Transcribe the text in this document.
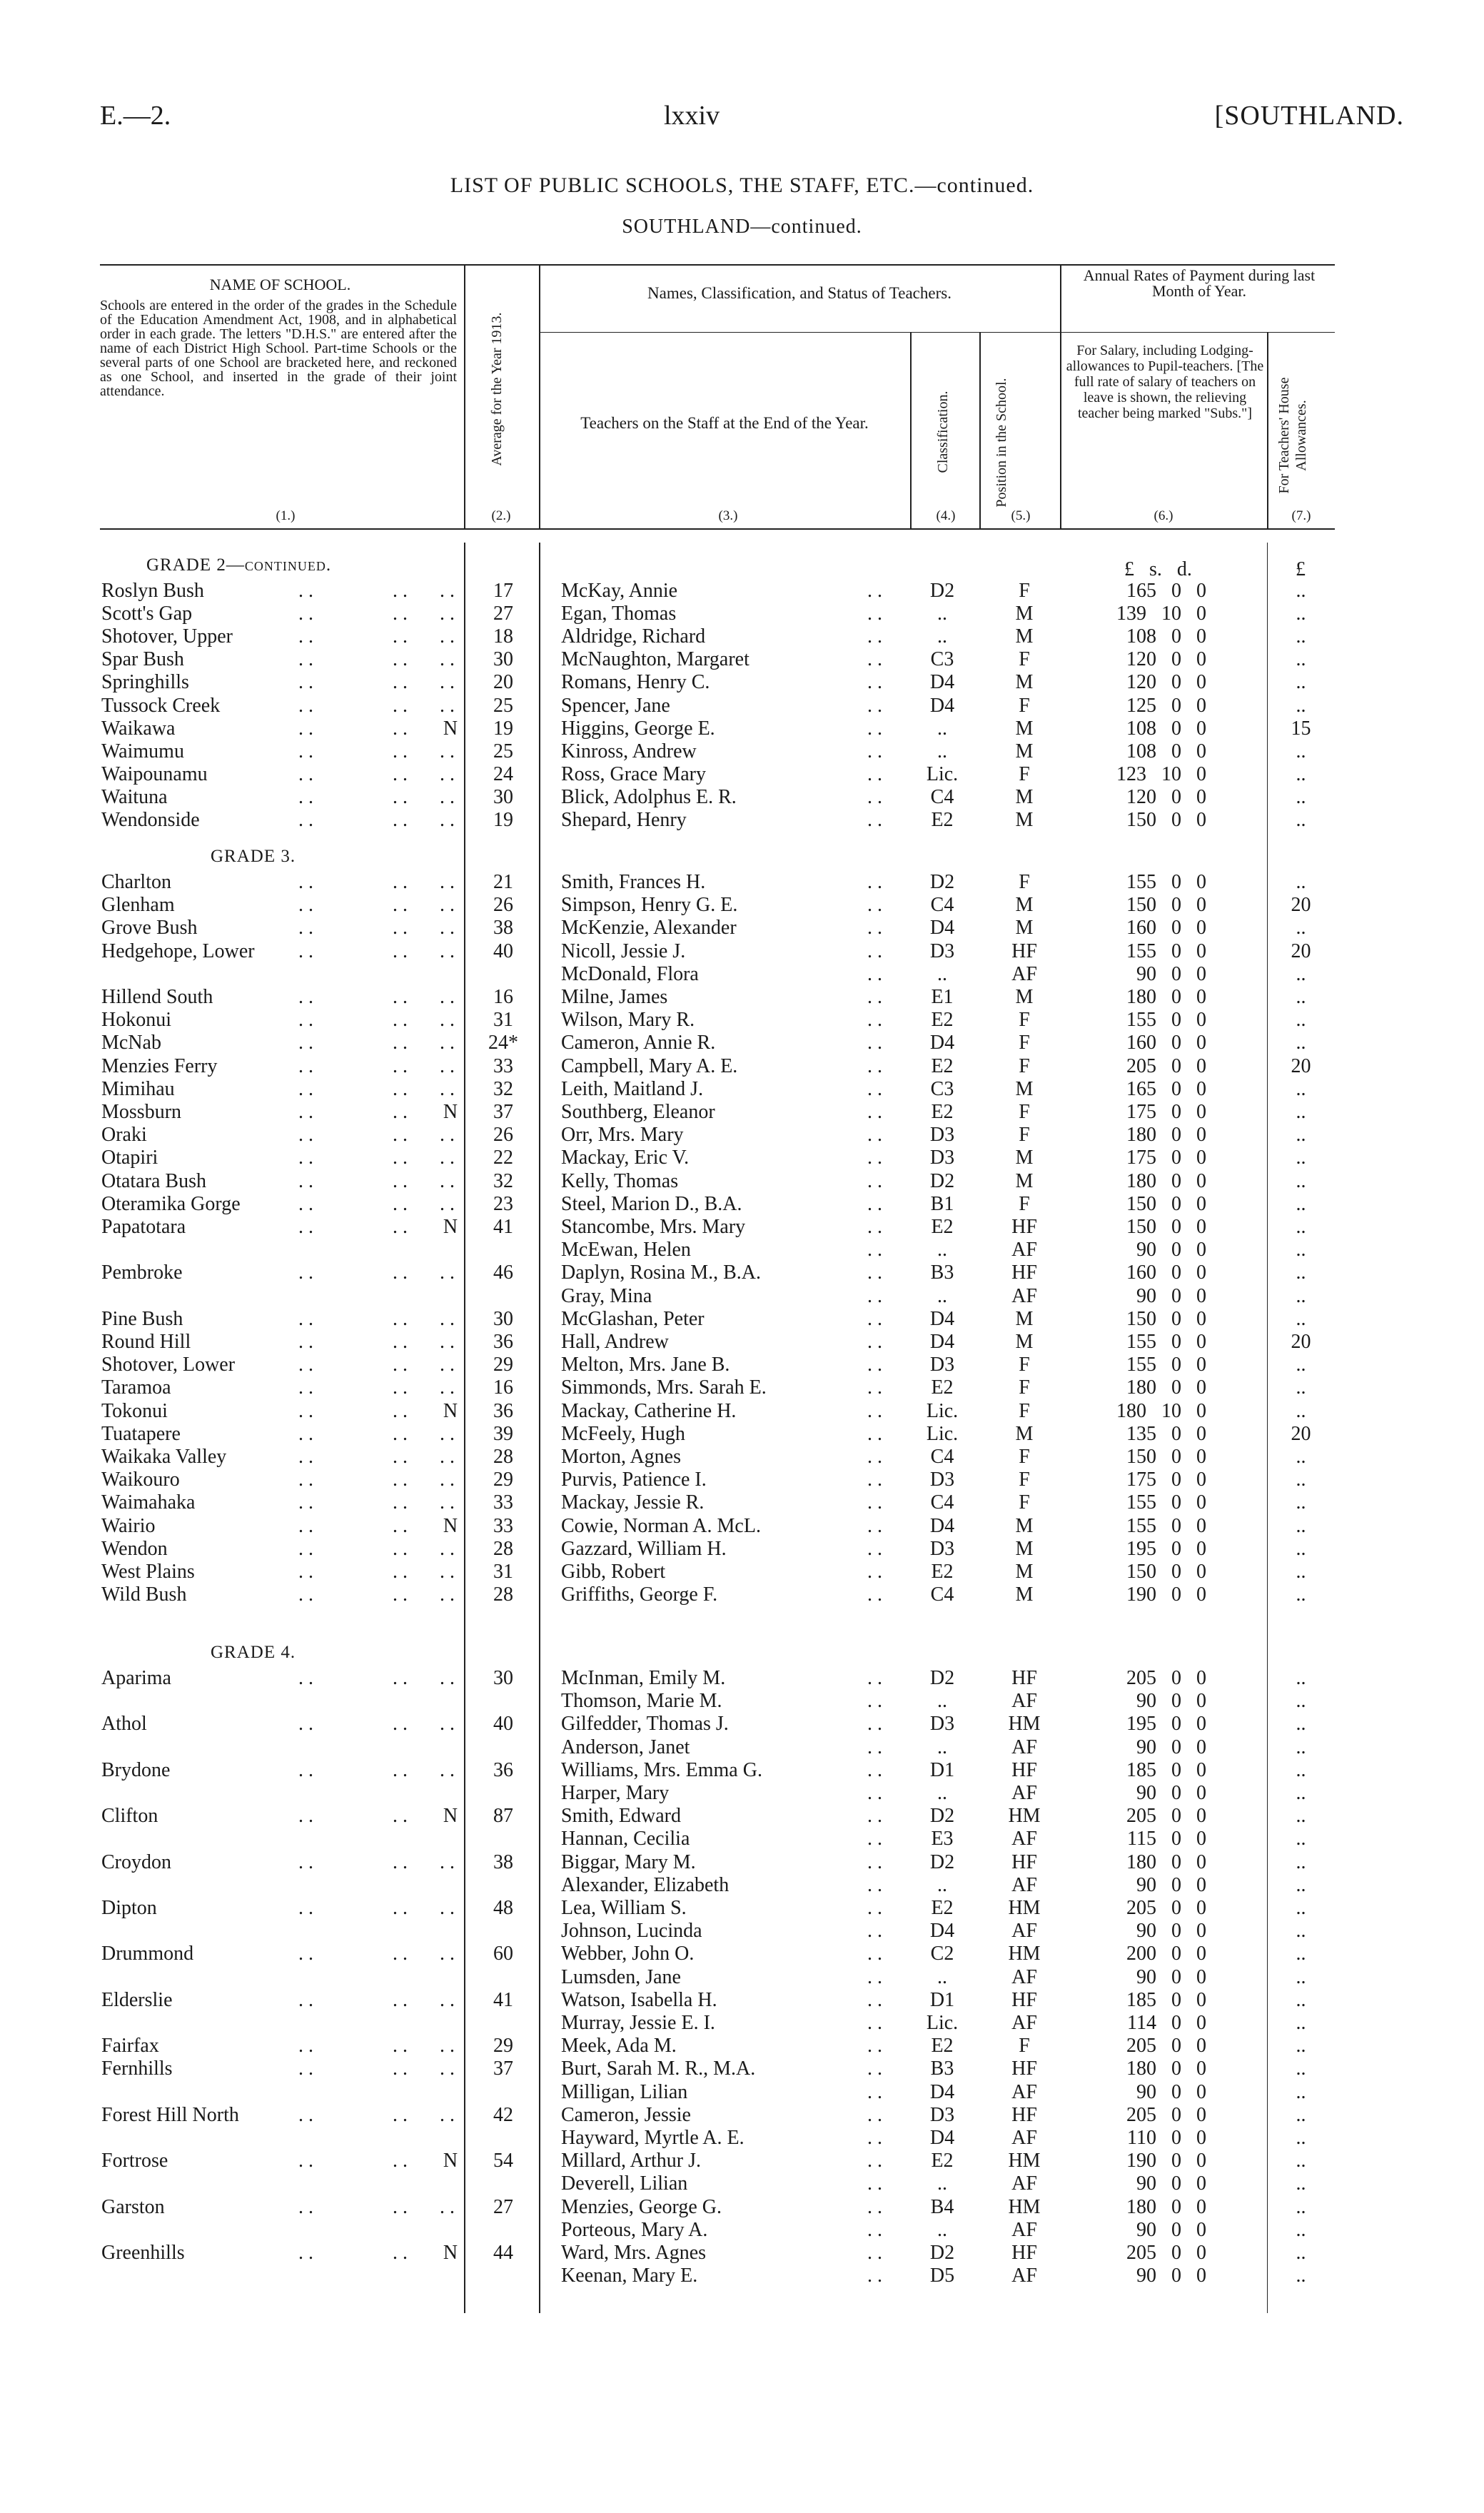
E.—2.	lxxiv	[SOUTHLAND.
LIST OF PUBLIC SCHOOLS, THE STAFF, ETC.—continued.
SOUTHLAND—continued.
NAME OF SCHOOL.
Schools are entered in the order of the grades in the Schedule of the Education Amendment Act, 1908, and in alphabetical order in each grade. The letters "D.H.S." are entered after the name of each District High School. Part-time Schools or the several parts of one School are bracketed here, and reckoned as one School, and inserted in the grade of their joint attendance.	Average for the Year 1913.
Names, Classification, and Status of Teachers.
Teachers on the Staff at the End of the Year.	Classification.	Position in the School.
Annual Rates of Payment during last Month of Year.
For Salary, including Lodging-allowances to Pupil-teachers. [The full rate of salary of teachers on leave is shown, the relieving teacher being marked "Subs."]	For Teachers' House Allowances.
(1.)	(2.)	(3.)	(4.)	(5.)	(6.)	(7.)
£ s. d.	£
GRADE 2—continued.
Roslyn Bush	17	McKay, Annie	D2	F	165 0 0	..
. .	. . . .	. .
Scott's Gap	27	Egan, Thomas	..	M	139 10 0	..
. .	. . . .	. .
Shotover, Upper	18	Aldridge, Richard	..	M	108 0 0	..
. .	. . . .	. .
Spar Bush	30	McNaughton, Margaret	C3	F	120 0 0	..
. .	. . . .	. .
Springhills	20	Romans, Henry C.	D4	M	120 0 0	..
. .	. . . .	. .
Tussock Creek	25	Spencer, Jane	D4	F	125 0 0	..
. .	. . . .	. .
Waikawa	N	19	Higgins, George E.	..	M	108 0 0	15
. .	. .	. .
Waimumu	25	Kinross, Andrew	..	M	108 0 0	..
. .	. . . .	. .
Waipounamu	24	Ross, Grace Mary	Lic.	F	123 10 0	..
. .	. . . .	. .
Waituna	30	Blick, Adolphus E. R.	C4	M	120 0 0	..
. .	. . . .	. .
Wendonside	19	Shepard, Henry	E2	M	150 0 0	..
. .	. . . .	. .
GRADE 3.
Charlton	21	Smith, Frances H.	D2	F	155 0 0	..
. .	. . . .	. .
Glenham	26	Simpson, Henry G. E.	C4	M	150 0 0	20
. .	. . . .	. .
Grove Bush	38	McKenzie, Alexander	D4	M	160 0 0	..
. .	. . . .	. .
Hedgehope, Lower	40	Nicoll, Jessie J.	D3	HF	155 0 0	20
. .	. . . .	. .
McDonald, Flora	..	AF	90 0 0	..
. .
Hillend South	16	Milne, James	E1	M	180 0 0	..
. .	. . . .	. .
Hokonui	31	Wilson, Mary R.	E2	F	155 0 0	..
. .	. . . .	. .
McNab	24*	Cameron, Annie R.	D4	F	160 0 0	..
. .	. . . .	. .
Menzies Ferry	33	Campbell, Mary A. E.	E2	F	205 0 0	20
. .	. . . .	. .
Mimihau	32	Leith, Maitland J.	C3	M	165 0 0	..
. .	. . . .	. .
Mossburn	N	37	Southberg, Eleanor	E2	F	175 0 0	..
. .	. .	. .
Oraki	26	Orr, Mrs. Mary	D3	F	180 0 0	..
. .	. . . .	. .
Otapiri	22	Mackay, Eric V.	D3	M	175 0 0	..
. .	. . . .	. .
Otatara Bush	32	Kelly, Thomas	D2	M	180 0 0	..
. .	. . . .	. .
Oteramika Gorge	23	Steel, Marion D., B.A.	B1	F	150 0 0	..
. .	. . . .	. .
Papatotara	N	41	Stancombe, Mrs. Mary	E2	HF	150 0 0	..
. .	. .	. .
McEwan, Helen	..	AF	90 0 0	..
. .
Pembroke	46	Daplyn, Rosina M., B.A.	B3	HF	160 0 0	..
. .	. . . .	. .
Gray, Mina	..	AF	90 0 0	..
. .
Pine Bush	30	McGlashan, Peter	D4	M	150 0 0	..
. .	. . . .	. .
Round Hill	36	Hall, Andrew	D4	M	155 0 0	20
. .	. . . .	. .
Shotover, Lower	29	Melton, Mrs. Jane B.	D3	F	155 0 0	..
. .	. . . .	. .
Taramoa	16	Simmonds, Mrs. Sarah E.	E2	F	180 0 0	..
. .	. . . .	. .
Tokonui	N	36	Mackay, Catherine H.	Lic.	F	180 10 0	..
. .	. .	. .
Tuatapere	39	McFeely, Hugh	Lic.	M	135 0 0	20
. .	. . . .	. .
Waikaka Valley	28	Morton, Agnes	C4	F	150 0 0	..
. .	. . . .	. .
Waikouro	29	Purvis, Patience I.	D3	F	175 0 0	..
. .	. . . .	. .
Waimahaka	33	Mackay, Jessie R.	C4	F	155 0 0	..
. .	. . . .	. .
Wairio	N	33	Cowie, Norman A. McL.	D4	M	155 0 0	..
. .	. .	. .
Wendon	28	Gazzard, William H.	D3	M	195 0 0	..
. .	. . . .	. .
West Plains	31	Gibb, Robert	E2	M	150 0 0	..
. .	. . . .	. .
Wild Bush	28	Griffiths, George F.	C4	M	190 0 0	..
. .	. . . .	. .
GRADE 4.
Aparima	30	McInman, Emily M.	D2	HF	205 0 0	..
. .	. . . .	. .
Thomson, Marie M.	..	AF	90 0 0	..
. .
Athol	40	Gilfedder, Thomas J.	D3	HM	195 0 0	..
. .	. . . .	. .
Anderson, Janet	..	AF	90 0 0	..
. .
Brydone	36	Williams, Mrs. Emma G.	D1	HF	185 0 0	..
. .	. . . .	. .
Harper, Mary	..	AF	90 0 0	..
. .
Clifton	N	87	Smith, Edward	D2	HM	205 0 0	..
. .	. .	. .
Hannan, Cecilia	E3	AF	115 0 0	..
. .
Croydon	38	Biggar, Mary M.	D2	HF	180 0 0	..
. .	. . . .	. .
Alexander, Elizabeth	..	AF	90 0 0	..
. .
Dipton	48	Lea, William S.	E2	HM	205 0 0	..
. .	. . . .	. .
Johnson, Lucinda	D4	AF	90 0 0	..
. .
Drummond	60	Webber, John O.	C2	HM	200 0 0	..
. .	. . . .	. .
Lumsden, Jane	..	AF	90 0 0	..
. .
Elderslie	41	Watson, Isabella H.	D1	HF	185 0 0	..
. .	. . . .	. .
Murray, Jessie E. I.	Lic.	AF	114 0 0	..
. .
Fairfax	29	Meek, Ada M.	E2	F	205 0 0	..
. .	. . . .	. .
Fernhills	37	Burt, Sarah M. R., M.A.	B3	HF	180 0 0	..
. .	. . . .	. .
Milligan, Lilian	D4	AF	90 0 0	..
. .
Forest Hill North	42	Cameron, Jessie	D3	HF	205 0 0	..
. .	. . . .	. .
Hayward, Myrtle A. E.	D4	AF	110 0 0	..
. .
Fortrose	N	54	Millard, Arthur J.	E2	HM	190 0 0	..
. .	. .	. .
Deverell, Lilian	..	AF	90 0 0	..
. .
Garston	27	Menzies, George G.	B4	HM	180 0 0	..
. .	. . . .	. .
Porteous, Mary A.	..	AF	90 0 0	..
. .
Greenhills	N	44	Ward, Mrs. Agnes	D2	HF	205 0 0	..
. .	. .	. .
Keenan, Mary E.	D5	AF	90 0 0	..
. .
